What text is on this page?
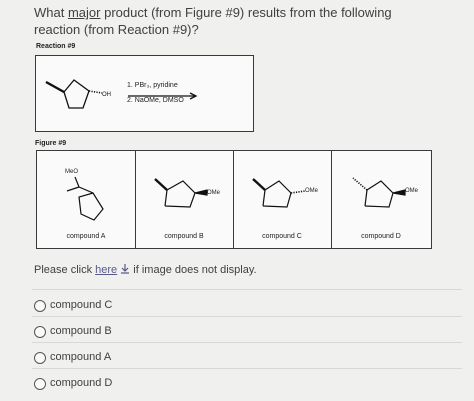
What major product (from Figure #9) results from the following reaction (from Reaction #9)?
Reaction #9
OH
1. PBr₃, pyridine
2. NaOMe, DMSO
Figure #9
MeO
compound A
OMe
compound B
OMe
compound C
OMe
compound D
Please click here  if image does not display.
compound C
compound B
compound A
compound D
